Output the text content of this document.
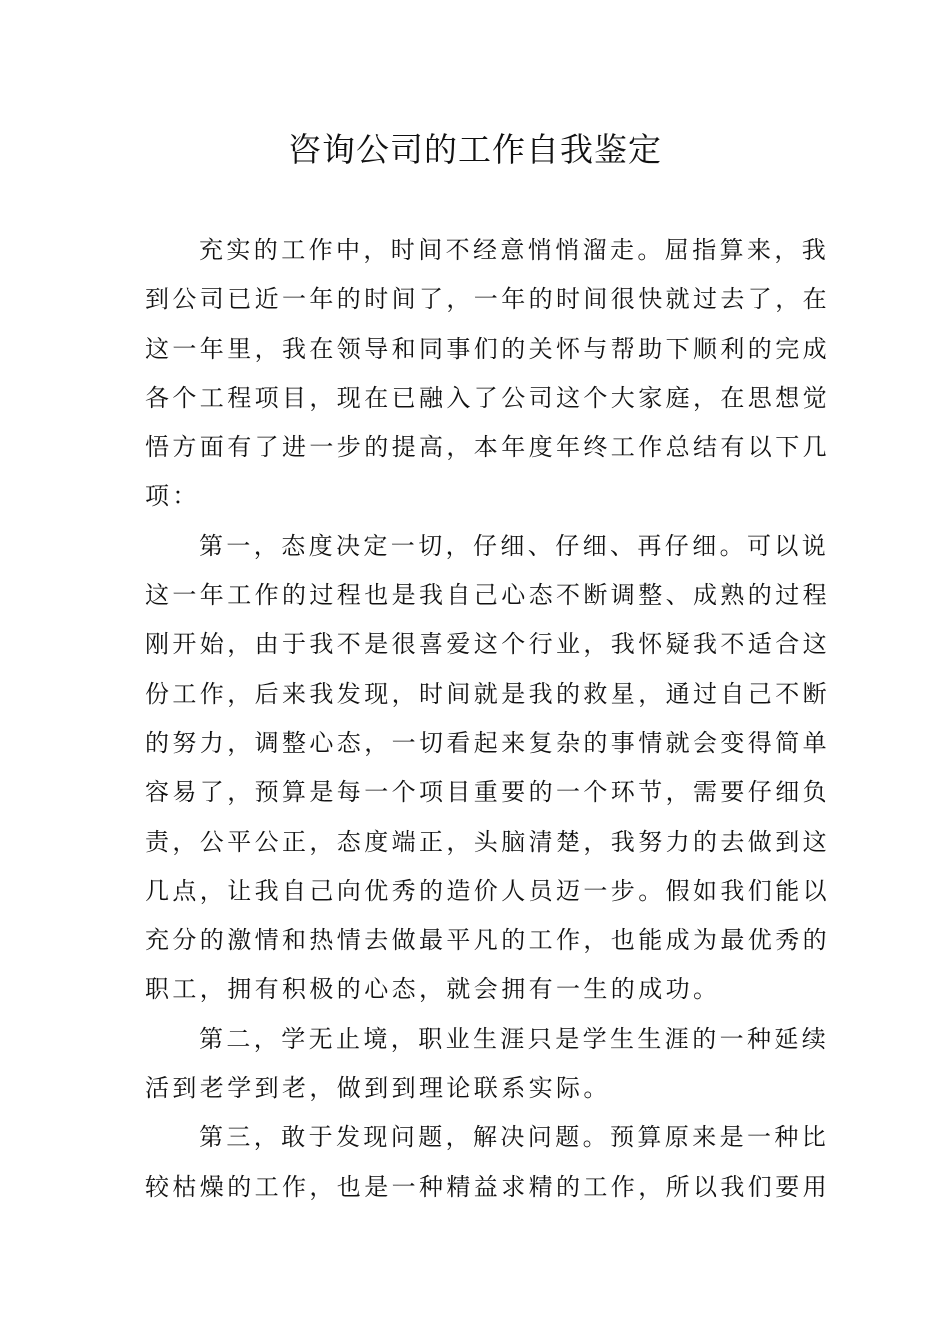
咨询公司的工作自我鉴定
充实的工作中，时间不经意悄悄溜走。屈指算来，我
到公司已近一年的时间了，一年的时间很快就过去了，在
这一年里，我在领导和同事们的关怀与帮助下顺利的完成
各个工程项目，现在已融入了公司这个大家庭，在思想觉
悟方面有了进一步的提高，本年度年终工作总结有以下几
项：
第一，态度决定一切，仔细、仔细、再仔细。可以说
这一年工作的过程也是我自己心态不断调整、成熟的过程
刚开始，由于我不是很喜爱这个行业，我怀疑我不适合这
份工作，后来我发现，时间就是我的救星，通过自己不断
的努力，调整心态，一切看起来复杂的事情就会变得简单
容易了，预算是每一个项目重要的一个环节，需要仔细负
责，公平公正，态度端正，头脑清楚，我努力的去做到这
几点，让我自己向优秀的造价人员迈一步。假如我们能以
充分的激情和热情去做最平凡的工作，也能成为最优秀的
职工，拥有积极的心态，就会拥有一生的成功。
第二，学无止境，职业生涯只是学生生涯的一种延续
活到老学到老，做到到理论联系实际。
第三，敢于发现问题，解决问题。预算原来是一种比
较枯燥的工作，也是一种精益求精的工作，所以我们要用
